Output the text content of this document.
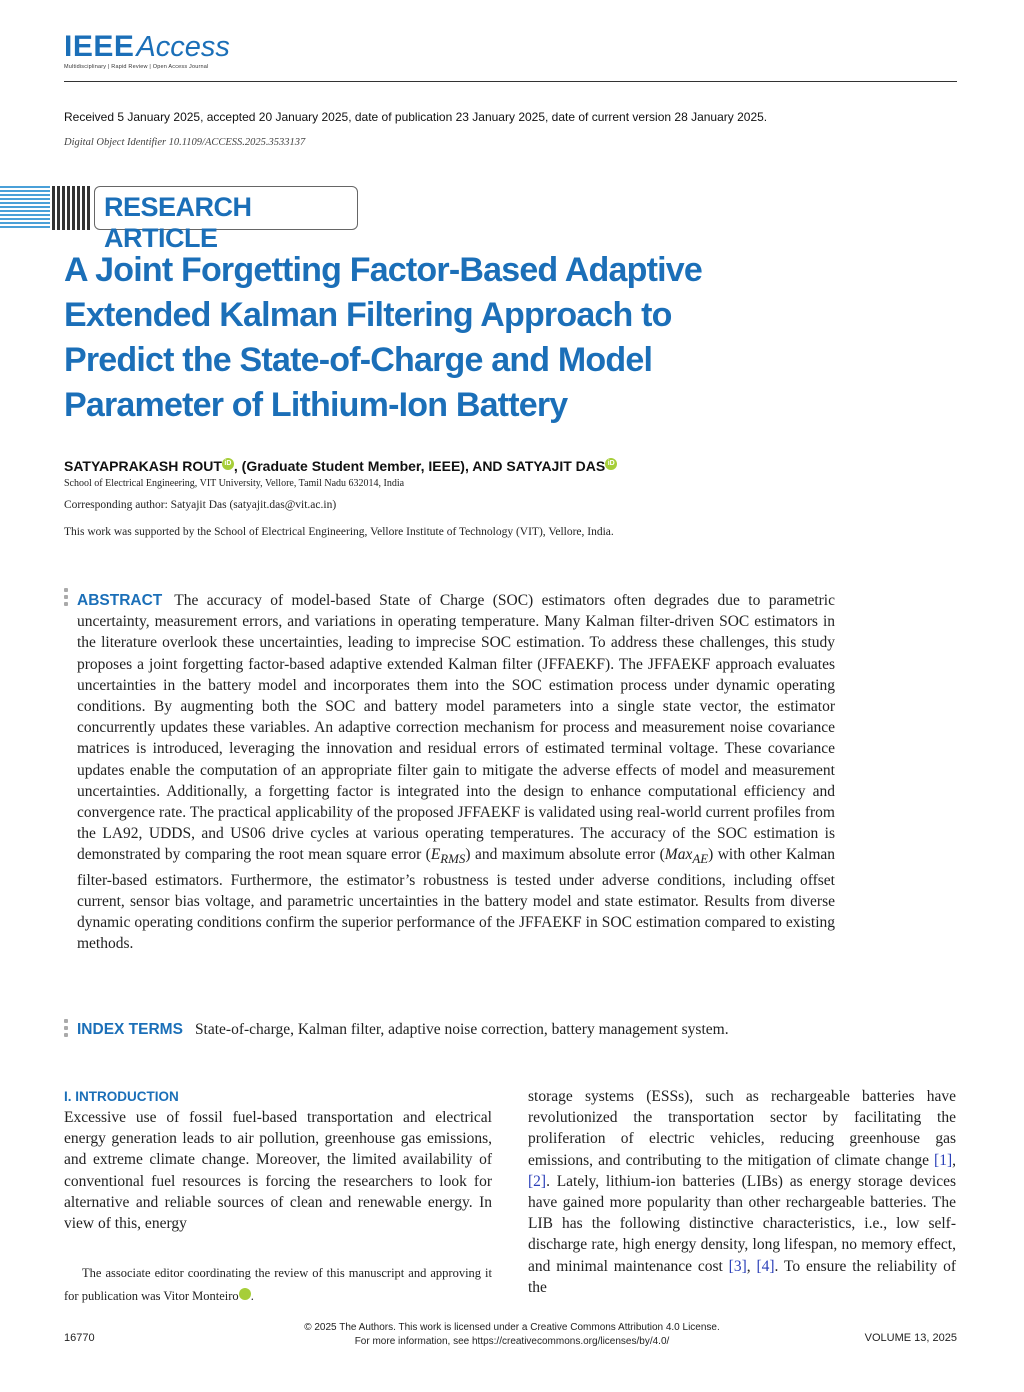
IEEEAccess
Multidisciplinary | Rapid Review | Open Access Journal
Received 5 January 2025, accepted 20 January 2025, date of publication 23 January 2025, date of current version 28 January 2025.
Digital Object Identifier 10.1109/ACCESS.2025.3533137
RESEARCH ARTICLE
A Joint Forgetting Factor-Based Adaptive Extended Kalman Filtering Approach to Predict the State-of-Charge and Model Parameter of Lithium-Ion Battery
SATYAPRAKASH ROUT iD , (Graduate Student Member, IEEE), AND SATYAJIT DAS iD
School of Electrical Engineering, VIT University, Vellore, Tamil Nadu 632014, India
Corresponding author: Satyajit Das (satyajit.das@vit.ac.in)
This work was supported by the School of Electrical Engineering, Vellore Institute of Technology (VIT), Vellore, India.
ABSTRACT The accuracy of model-based State of Charge (SOC) estimators often degrades due to parametric uncertainty, measurement errors, and variations in operating temperature. Many Kalman filter-driven SOC estimators in the literature overlook these uncertainties, leading to imprecise SOC estimation. To address these challenges, this study proposes a joint forgetting factor-based adaptive extended Kalman filter (JFFAEKF). The JFFAEKF approach evaluates uncertainties in the battery model and incorporates them into the SOC estimation process under dynamic operating conditions. By augmenting both the SOC and battery model parameters into a single state vector, the estimator concurrently updates these variables. An adaptive correction mechanism for process and measurement noise covariance matrices is introduced, leveraging the innovation and residual errors of estimated terminal voltage. These covariance updates enable the computation of an appropriate filter gain to mitigate the adverse effects of model and measurement uncertainties. Additionally, a forgetting factor is integrated into the design to enhance computational efficiency and convergence rate. The practical applicability of the proposed JFFAEKF is validated using real-world current profiles from the LA92, UDDS, and US06 drive cycles at various operating temperatures. The accuracy of the SOC estimation is demonstrated by comparing the root mean square error $(E_{RMS})$ and maximum absolute error (Max$_{AE}$) with other Kalman filter-based estimators. Furthermore, the estimator’s robustness is tested under adverse conditions, including offset current, sensor bias voltage, and parametric uncertainties in the battery model and state estimator. Results from diverse dynamic operating conditions confirm the superior performance of the JFFAEKF in SOC estimation compared to existing methods.
INDEX TERMS State-of-charge, Kalman filter, adaptive noise correction, battery management system.
I. INTRODUCTION
Excessive use of fossil fuel-based transportation and electrical energy generation leads to air pollution, greenhouse gas emissions, and extreme climate change. Moreover, the limited availability of conventional fuel resources is forcing the researchers to look for alternative and reliable sources of clean and renewable energy. In view of this, energy
The associate editor coordinating the review of this manuscript and approving it for publication was Vitor Monteiro	iD.
storage systems (ESSs), such as rechargeable batteries have revolutionized the transportation sector by facilitating the proliferation of electric vehicles, reducing greenhouse gas emissions, and contributing to the mitigation of climate change [1], [2]. Lately, lithium-ion batteries (LIBs) as energy storage devices have gained more popularity than other rechargeable batteries. The LIB has the following distinctive characteristics, i.e., low self-discharge rate, high energy density, long lifespan, no memory effect, and minimal maintenance cost [3], [4]. To ensure the reliability of the
© 2025 The Authors. This work is licensed under a Creative Commons Attribution 4.0 License.
For more information, see https://creativecommons.org/licenses/by/4.0/
16770	VOLUME 13, 2025
